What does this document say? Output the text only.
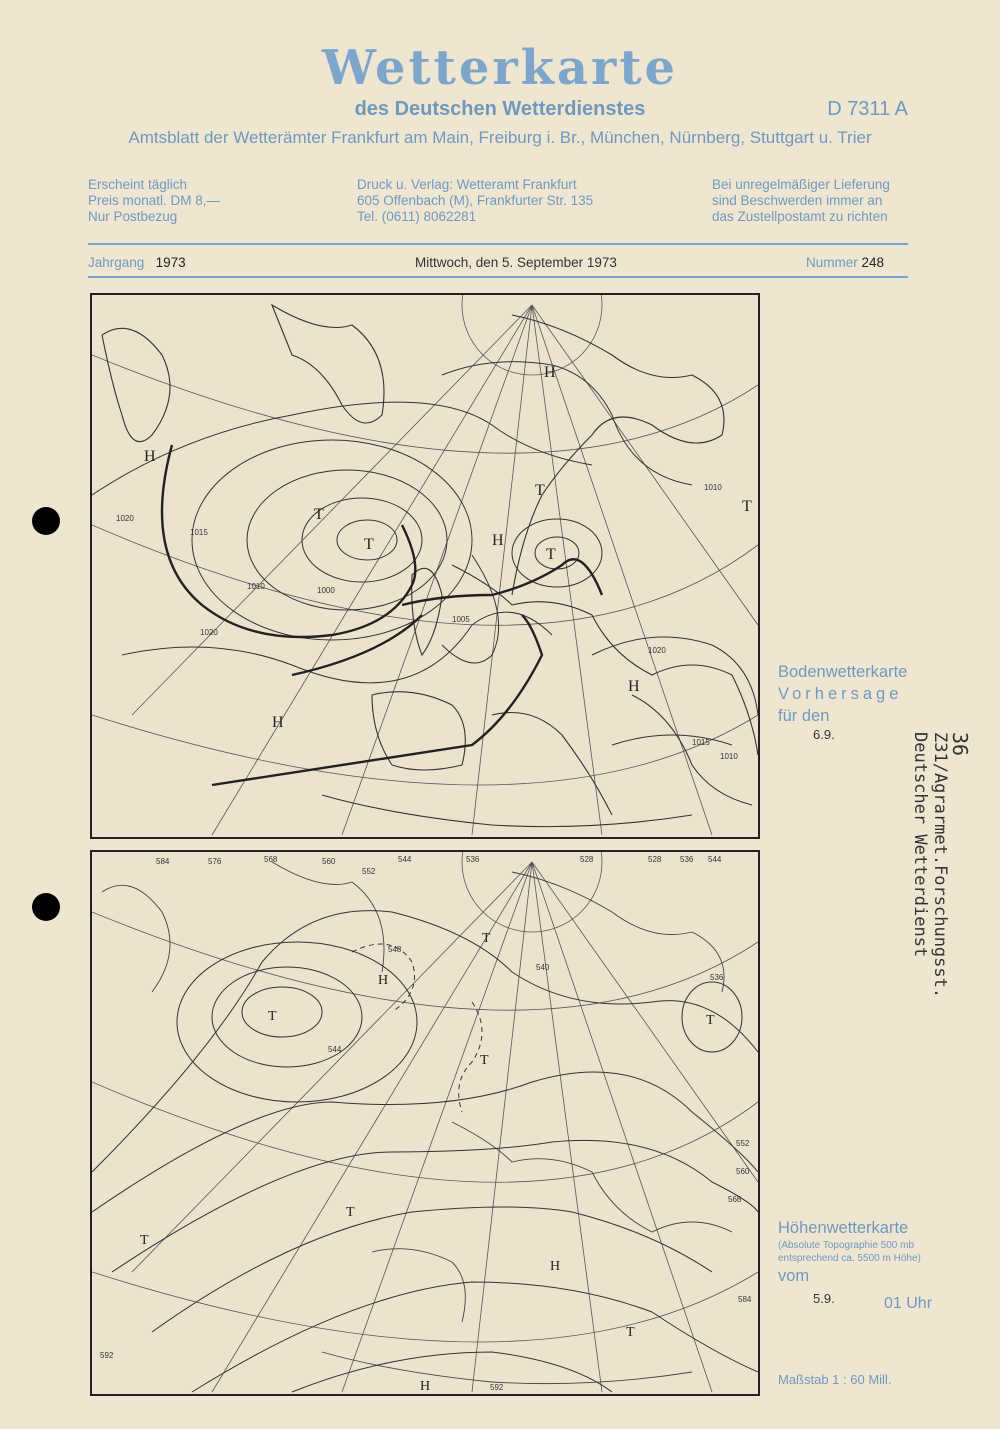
Wetterkarte
des Deutschen Wetterdienstes	D 7311 A
Amtsblatt der Wetterämter Frankfurt am Main, Freiburg i. Br., München, Nürnberg, Stuttgart u. Trier
Erscheint täglich
Preis monatl. DM 8,—
Nur Postbezug
Druck u. Verlag: Wetteramt Frankfurt
605 Offenbach (M), Frankfurter Str. 135
Tel. (0611) 8062281
Bei unregelmäßiger Lieferung
sind Beschwerden immer an
das Zustellpostamt zu richten
Jahrgang 1973	Mittwoch, den 5. September 1973	Nummer 248
H
T
T
T
H
T
H
H
T
H
1020
1015
1010	1000
1020
1005
1020
1015
1010
1010
Bodenwetterkarte
Vorhersage
für den
6.9.
H
T
T
T
T
T
T
H
T
H
584	576	568	560
552
544	536	528	528 536 544
548
540
536
544
552
560
568
584
592
592
Höhenwetterkarte
(Absolute Topographie 500 mb
entsprechend ca. 5500 m Höhe)
vom
5.9.	01 Uhr
Maßstab 1 : 60 Mill.
36
Z31/Agrarmet.Forschungsst.
Deutscher Wetterdienst
